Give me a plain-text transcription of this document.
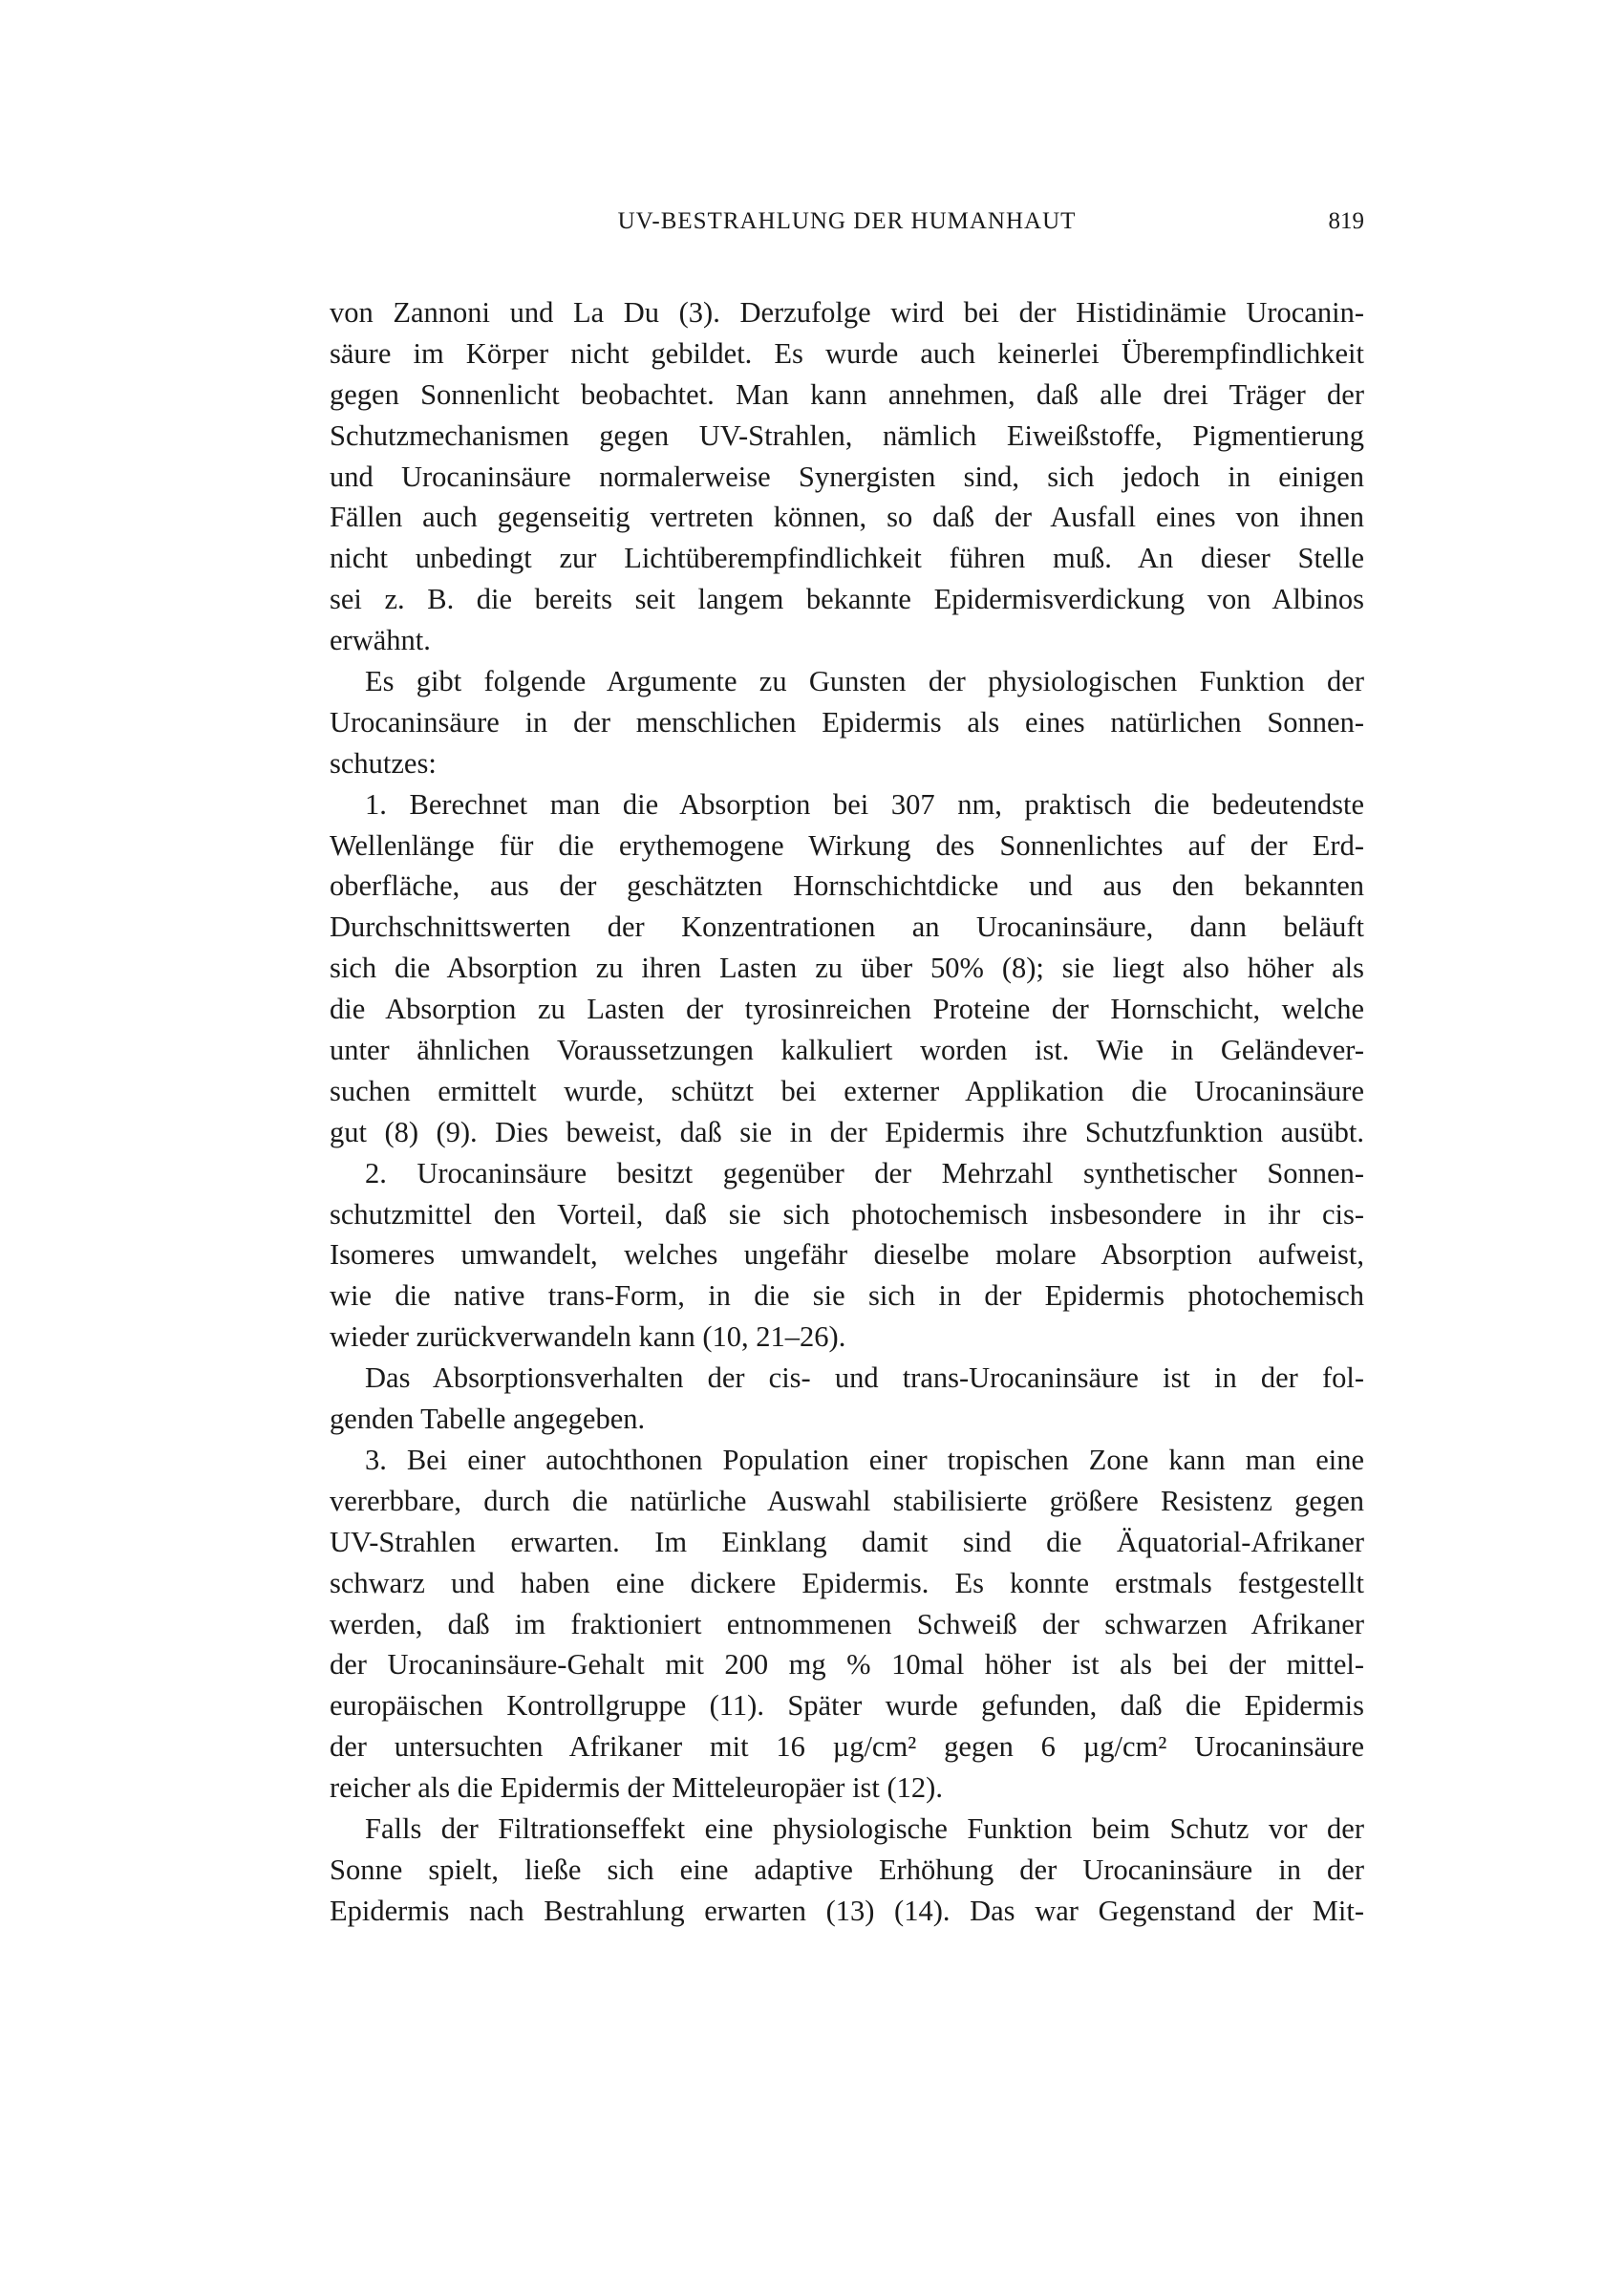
UV-BESTRAHLUNG DER HUMANHAUT	819
von Zannoni und La Du (3). Derzufolge wird bei der Histidinämie Urocanin-
säure im Körper nicht gebildet. Es wurde auch keinerlei Überempfindlichkeit
gegen Sonnenlicht beobachtet. Man kann annehmen, daß alle drei Träger der
Schutzmechanismen gegen UV-Strahlen, nämlich Eiweißstoffe, Pigmentierung
und Urocaninsäure normalerweise Synergisten sind, sich jedoch in einigen
Fällen auch gegenseitig vertreten können, so daß der Ausfall eines von ihnen
nicht unbedingt zur Lichtüberempfindlichkeit führen muß. An dieser Stelle
sei z. B. die bereits seit langem bekannte Epidermisverdickung von Albinos
erwähnt.
Es gibt folgende Argumente zu Gunsten der physiologischen Funktion der
Urocaninsäure in der menschlichen Epidermis als eines natürlichen Sonnen-
schutzes:
1. Berechnet man die Absorption bei 307 nm, praktisch die bedeutendste
Wellenlänge für die erythemogene Wirkung des Sonnenlichtes auf der Erd-
oberfläche, aus der geschätzten Hornschichtdicke und aus den bekannten
Durchschnittswerten der Konzentrationen an Urocaninsäure, dann beläuft
sich die Absorption zu ihren Lasten zu über 50% (8); sie liegt also höher als
die Absorption zu Lasten der tyrosinreichen Proteine der Hornschicht, welche
unter ähnlichen Voraussetzungen kalkuliert worden ist. Wie in Geländever-
suchen ermittelt wurde, schützt bei externer Applikation die Urocaninsäure
gut (8) (9). Dies beweist, daß sie in der Epidermis ihre Schutzfunktion ausübt.
2. Urocaninsäure besitzt gegenüber der Mehrzahl synthetischer Sonnen-
schutzmittel den Vorteil, daß sie sich photochemisch insbesondere in ihr cis-
Isomeres umwandelt, welches ungefähr dieselbe molare Absorption aufweist,
wie die native trans-Form, in die sie sich in der Epidermis photochemisch
wieder zurückverwandeln kann (10, 21–26).
Das Absorptionsverhalten der cis- und trans-Urocaninsäure ist in der fol-
genden Tabelle angegeben.
3. Bei einer autochthonen Population einer tropischen Zone kann man eine
vererbbare, durch die natürliche Auswahl stabilisierte größere Resistenz gegen
UV-Strahlen erwarten. Im Einklang damit sind die Äquatorial-Afrikaner
schwarz und haben eine dickere Epidermis. Es konnte erstmals festgestellt
werden, daß im fraktioniert entnommenen Schweiß der schwarzen Afrikaner
der Urocaninsäure-Gehalt mit 200 mg % 10mal höher ist als bei der mittel-
europäischen Kontrollgruppe (11). Später wurde gefunden, daß die Epidermis
der untersuchten Afrikaner mit 16 µg/cm² gegen 6 µg/cm² Urocaninsäure
reicher als die Epidermis der Mitteleuropäer ist (12).
Falls der Filtrationseffekt eine physiologische Funktion beim Schutz vor der
Sonne spielt, ließe sich eine adaptive Erhöhung der Urocaninsäure in der
Epidermis nach Bestrahlung erwarten (13) (14). Das war Gegenstand der Mit-
